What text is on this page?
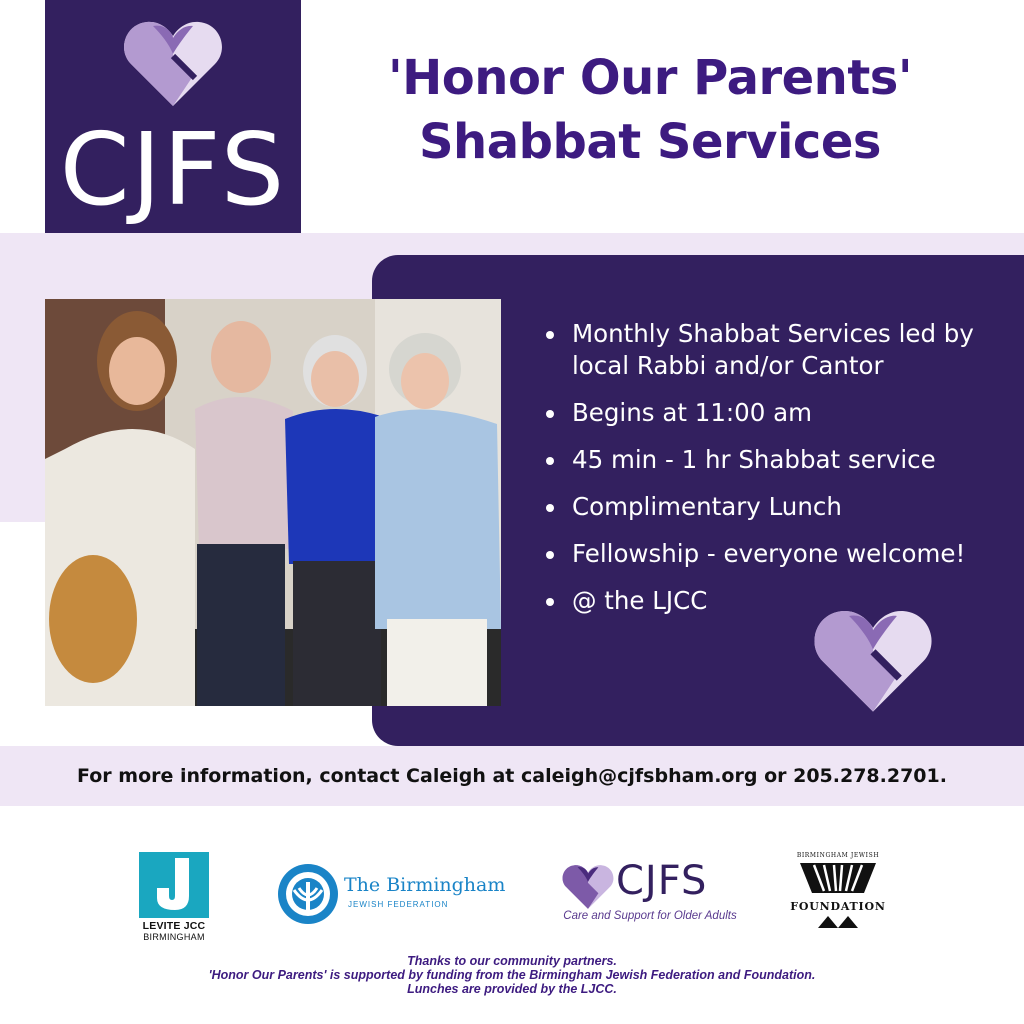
CJFS
'Honor Our Parents'
Shabbat Services
Monthly Shabbat Services led by local Rabbi and/or Cantor
Begins at 11:00 am
45 min - 1 hr Shabbat service
Complimentary Lunch
Fellowship - everyone welcome!
@ the LJCC
For more information, contact Caleigh at caleigh@cjfsbham.org or 205.278.2701.
LEVITE JCC
BIRMINGHAM
The Birmingham
JEWISH FEDERATION
CJFS
Care and Support for Older Adults
BIRMINGHAM JEWISH
FOUNDATION
Thanks to our community partners.
'Honor Our Parents' is supported by funding from the Birmingham Jewish Federation and Foundation.
Lunches are provided by the LJCC.
